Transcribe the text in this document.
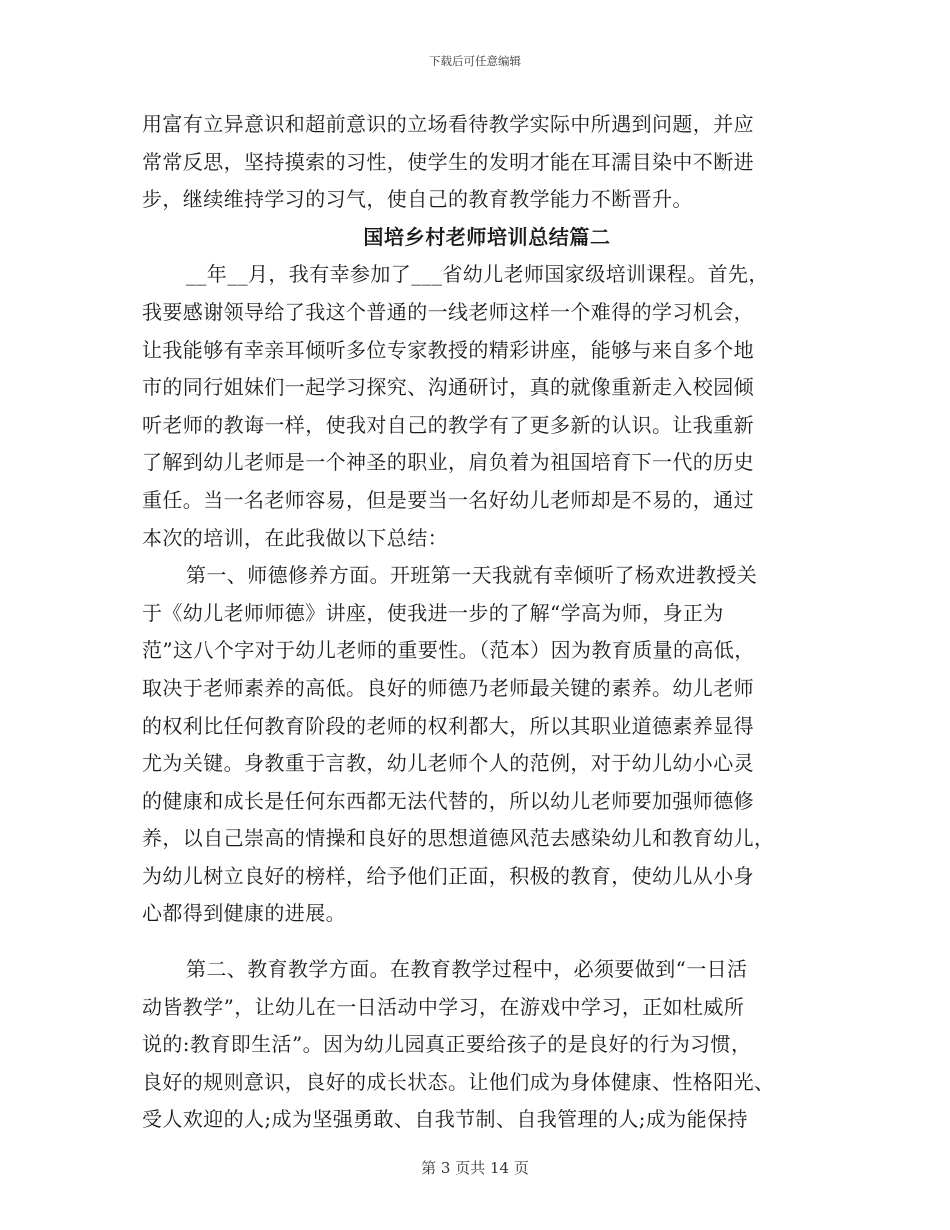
下载后可任意编辑
用富有立异意识和超前意识的立场看待教学实际中所遇到问题，并应
常常反思，坚持摸索的习性，使学生的发明才能在耳濡目染中不断进
步，继续维持学习的习气，使自己的教育教学能力不断晋升。
国培乡村老师培训总结篇二
__年__月，我有幸参加了___省幼儿老师国家级培训课程。首先，
我要感谢领导给了我这个普通的一线老师这样一个难得的学习机会，
让我能够有幸亲耳倾听多位专家教授的精彩讲座，能够与来自多个地
市的同行姐妹们一起学习探究、沟通研讨，真的就像重新走入校园倾
听老师的教诲一样，使我对自己的教学有了更多新的认识。让我重新
了解到幼儿老师是一个神圣的职业，肩负着为祖国培育下一代的历史
重任。当一名老师容易，但是要当一名好幼儿老师却是不易的，通过
本次的培训，在此我做以下总结：
第一、师德修养方面。开班第一天我就有幸倾听了杨欢进教授关
于《幼儿老师师德》讲座，使我进一步的了解“学高为师，身正为
范”这八个字对于幼儿老师的重要性。（范本）因为教育质量的高低，
取决于老师素养的高低。良好的师德乃老师最关键的素养。幼儿老师
的权利比任何教育阶段的老师的权利都大，所以其职业道德素养显得
尤为关键。身教重于言教，幼儿老师个人的范例，对于幼儿幼小心灵
的健康和成长是任何东西都无法代替的，所以幼儿老师要加强师德修
养，以自己崇高的情操和良好的思想道德风范去感染幼儿和教育幼儿，
为幼儿树立良好的榜样，给予他们正面，积极的教育，使幼儿从小身
心都得到健康的进展。
第二、教育教学方面。在教育教学过程中，必须要做到“一日活
动皆教学”，让幼儿在一日活动中学习，在游戏中学习，正如杜威所
说的:教育即生活”。因为幼儿园真正要给孩子的是良好的行为习惯，
良好的规则意识，良好的成长状态。让他们成为身体健康、性格阳光、
受人欢迎的人;成为坚强勇敢、自我节制、自我管理的人;成为能保持
第 3 页共 14 页
